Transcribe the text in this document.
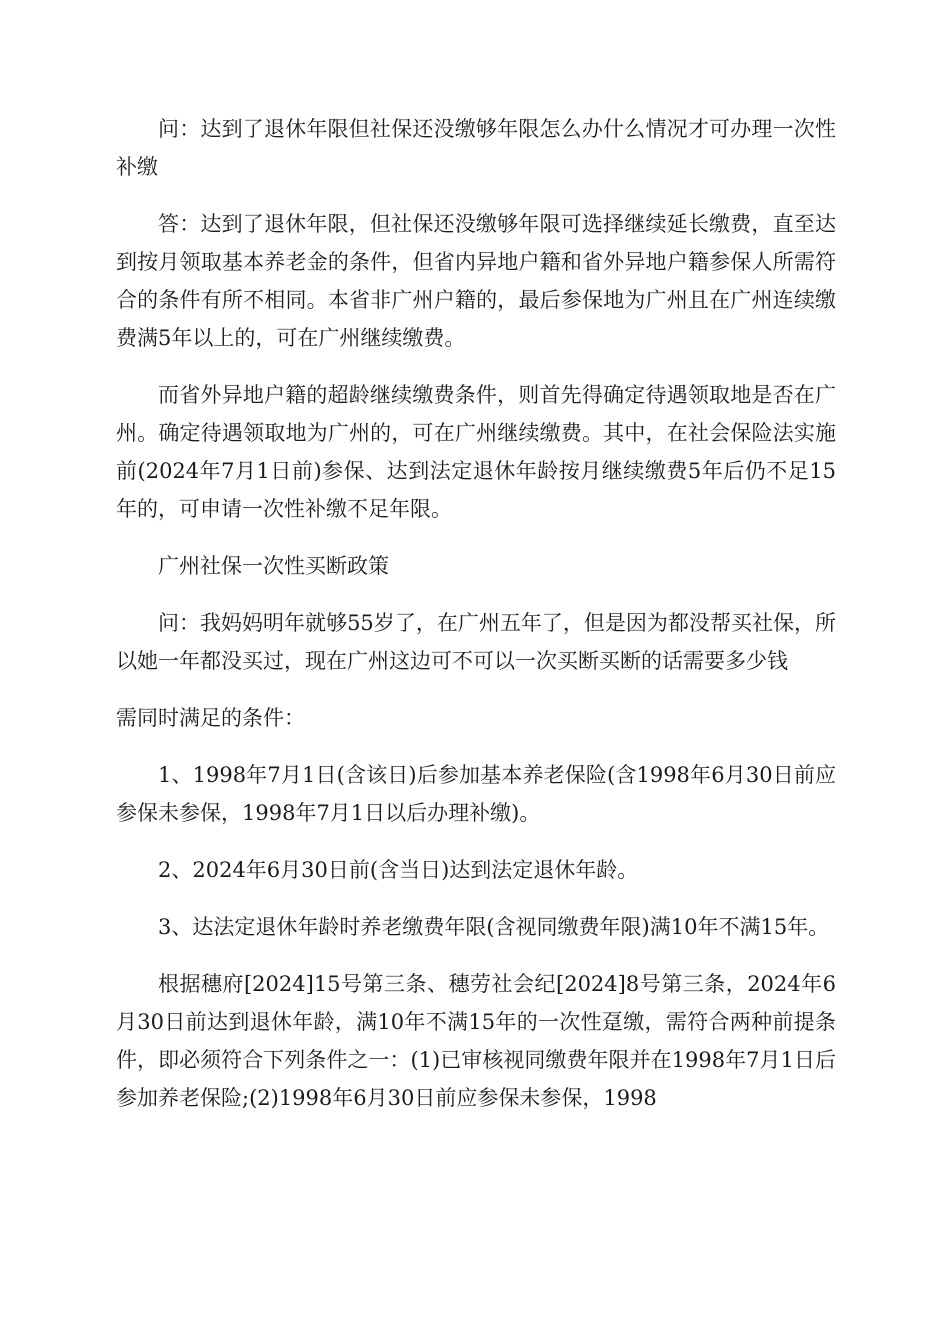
问：达到了退休年限但社保还没缴够年限怎么办什么情况才可办理一次性补缴

答：达到了退休年限，但社保还没缴够年限可选择继续延长缴费，直至达到按月领取基本养老金的条件，但省内异地户籍和省外异地户籍参保人所需符合的条件有所不相同。本省非广州户籍的，最后参保地为广州且在广州连续缴费满5年以上的，可在广州继续缴费。

而省外异地户籍的超龄继续缴费条件，则首先得确定待遇领取地是否在广州。确定待遇领取地为广州的，可在广州继续缴费。其中，在社会保险法实施前(2024年7月1日前)参保、达到法定退休年龄按月继续缴费5年后仍不足15年的，可申请一次性补缴不足年限。

广州社保一次性买断政策

问：我妈妈明年就够55岁了，在广州五年了，但是因为都没帮买社保，所以她一年都没买过，现在广州这边可不可以一次买断买断的话需要多少钱

需同时满足的条件：

1、1998年7月1日(含该日)后参加基本养老保险(含1998年6月30日前应参保未参保，1998年7月1日以后办理补缴)。

2、2024年6月30日前(含当日)达到法定退休年龄。

3、达法定退休年龄时养老缴费年限(含视同缴费年限)满10年不满15年。

根据穗府[2024]15号第三条、穗劳社会纪[2024]8号第三条，2024年6月30日前达到退休年龄，满10年不满15年的一次性趸缴，需符合两种前提条件，即必须符合下列条件之一：(1)已审核视同缴费年限并在1998年7月1日后参加养老保险;(2)1998年6月30日前应参保未参保，1998
